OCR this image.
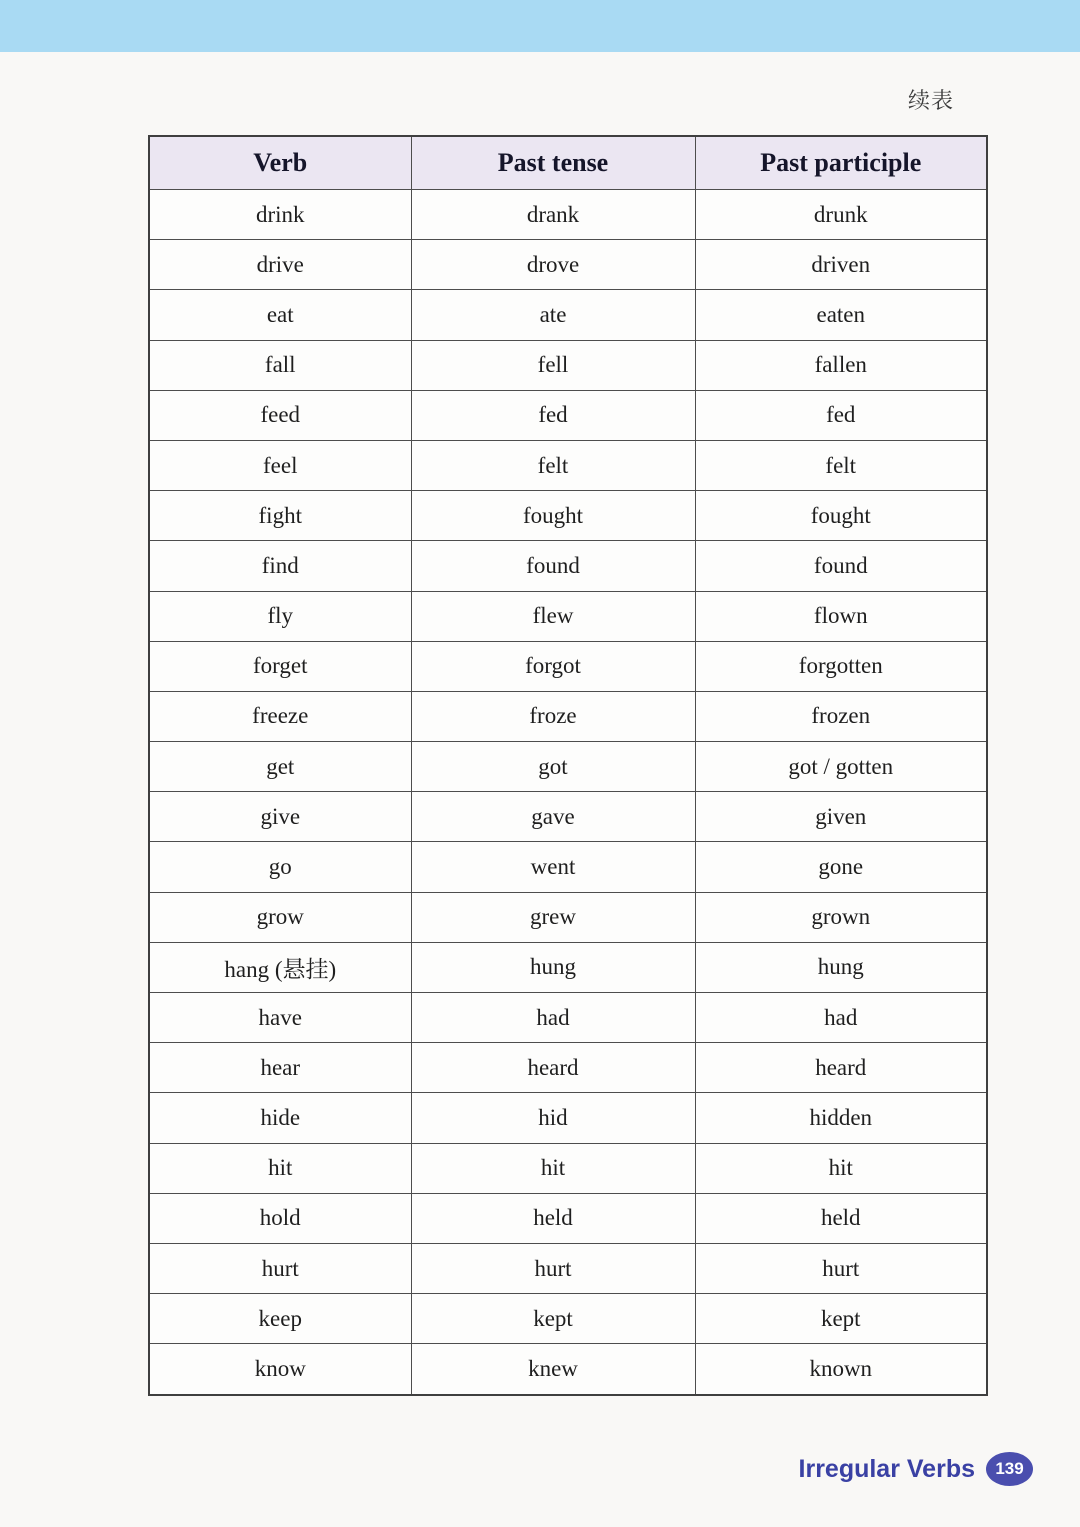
续表
Verb	Past tense	Past participle
drink	drank	drunk
drive	drove	driven
eat	ate	eaten
fall	fell	fallen
feed	fed	fed
feel	felt	felt
fight	fought	fought
find	found	found
fly	flew	flown
forget	forgot	forgotten
freeze	froze	frozen
get	got	got / gotten
give	gave	given
go	went	gone
grow	grew	grown
hang (悬挂)	hung	hung
have	had	had
hear	heard	heard
hide	hid	hidden
hit	hit	hit
hold	held	held
hurt	hurt	hurt
keep	kept	kept
know	knew	known
Irregular Verbs	139
